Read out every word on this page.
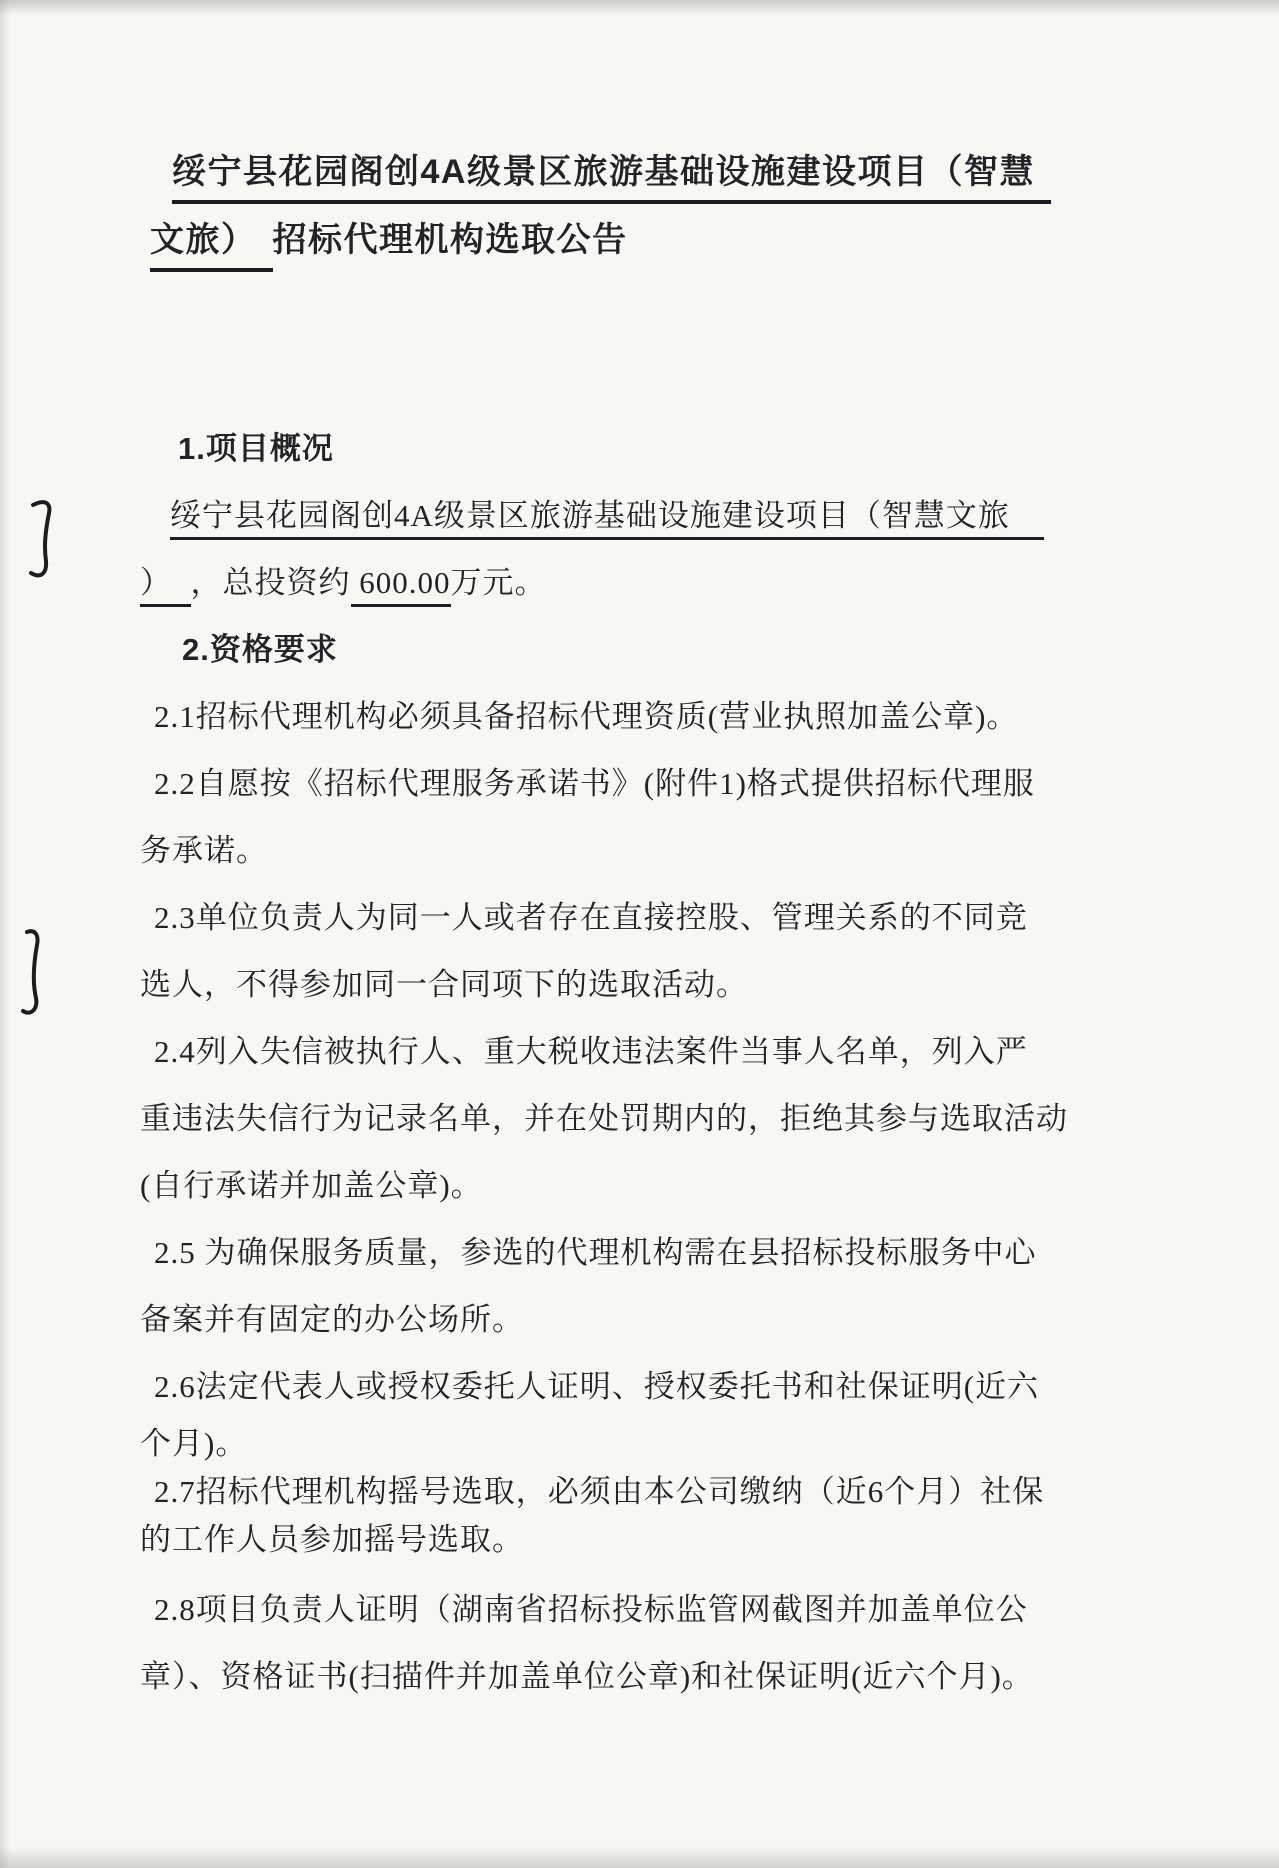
绥宁县花园阁创4A级景区旅游基础设施建设项目（智慧
文旅） 招标代理机构选取公告
1.项目概况
绥宁县花园阁创4A级景区旅游基础设施建设项目（智慧文旅
） ，总投资约 600.00万元。
2.资格要求
2.1招标代理机构必须具备招标代理资质(营业执照加盖公章)。
2.2自愿按《招标代理服务承诺书》(附件1)格式提供招标代理服
务承诺。
2.3单位负责人为同一人或者存在直接控股、管理关系的不同竞
选人，不得参加同一合同项下的选取活动。
2.4列入失信被执行人、重大税收违法案件当事人名单，列入严
重违法失信行为记录名单，并在处罚期内的，拒绝其参与选取活动
(自行承诺并加盖公章)。
2.5 为确保服务质量，参选的代理机构需在县招标投标服务中心
备案并有固定的办公场所。
2.6法定代表人或授权委托人证明、授权委托书和社保证明(近六
个月)。
2.7招标代理机构摇号选取，必须由本公司缴纳（近6个月）社保
的工作人员参加摇号选取。
2.8项目负责人证明（湖南省招标投标监管网截图并加盖单位公
章）、资格证书(扫描件并加盖单位公章)和社保证明(近六个月)。
